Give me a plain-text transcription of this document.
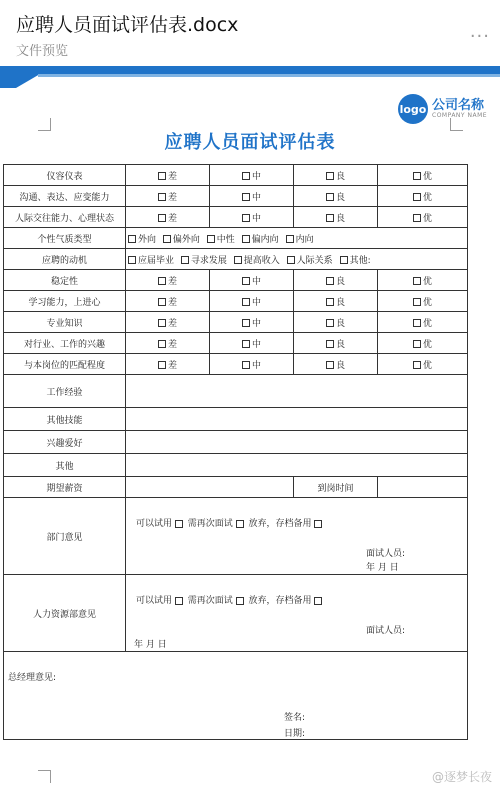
应聘人员面试评估表.docx
文件预览
···
logo 公司名称
COMPANY NAME
应聘人员面试评估表
仪容仪表	差	中	良	优
沟通、表达、应变能力	差	中	良	优
人际交往能力、心理状态	差	中	良	优
个性气质类型	外向 偏外向 中性 偏内向 内向			
应聘的动机	应届毕业 寻求发展 提高收入 人际关系 其他:			
稳定性	差	中	良	优
学习能力，上进心	差	中	良	优
专业知识	差	中	良	优
对行业、工作的兴趣	差	中	良	优
与本岗位的匹配程度	差	中	良	优
工作经验				
其他技能				
兴趣爱好				
其他				
期望薪资			到岗时间	
部门意见	可以试用 需再次面试 放弃，存档备用
面试人员:
年 月 日			

人力资源部意见	可以试用 需再次面试 放弃，存档备用
面试人员:
年 月 日			

总经理意见:
签名:
日期:				
@逐梦长夜
